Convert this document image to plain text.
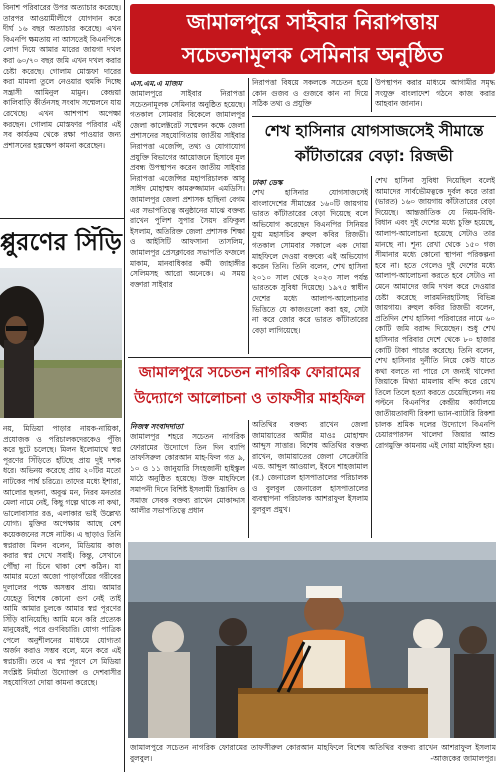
বিনাশ পরিবারের উপর অত্যাচার করেছে। তারপর আওয়ামীলীগে যোগদান করে দীর্ঘ ১৬ বছর অত্যাচার করেছে। এখন বিএনপি ক্ষমতায় না আসতেই বিএনপিকে লোগ দিয়ে আমার মারের জায়গা দখল করা ৬০/৭০ বছর জমি এখন দখল করার চেষ্টা করেছে। গোলাম মোস্তফা দারের করা মামলা তুলে নেওয়ার হুমকি দিচ্ছে সন্ত্রাসী আমিনুল মামুন। কেন্দ্রয়া কালিবাড়ি কীর্তনসহ সংবাদ সম্মেলনে যায় রেখেছে। এখন আশপাশ অপেক্ষা করছেন। গোলাম মোস্তফার পরিবার এই সব কার্যক্রম থেকে রক্ষা পাওয়ার জন্য প্রশাসনের হস্তক্ষেপ কামনা করেছেন।
প্পুরণের সিঁড়ি
নয়, মিডিয়া পাড়ার নায়ক-নায়িকা, প্রযোজক ও পরিচালকদেরকেও পুঁজি করে ছুটে চলেছে। মিলন ইলোমাথে স্বপ্ন পূরণের সিঁড়িতে হাঁটছে প্রায় দুই দশক ধরে। অভিনয় করেছে প্রায় ২০টির মতো নাটকের পার্শ্ব চরিত্রে। তাদের মধ্যে ইশারা, আলোর ছলনা, অবুঝ মন, নিরব মনতার মেলা নামে নেই, কিছু গল্পে থাকে না কথা, ভালোবাসার রঙ, এলাকার ভাই উল্লেখ্য যোগ্য। মুক্তির অপেক্ষায় আছে বেশ কয়েকজনের সঙ্গে নাটক। এ ছাড়াও তিনি স্বপ্নরাজ মিলন বলেন, মিডিয়ায় কাজ করার স্বপ্ন দেখে সবাই। কিন্তু, সেখানে পৌঁছা না চিনে থাকা বেশ কঠিন। যা আমার মতো অজো পাড়াগাঁয়ের গরীবের দুলালের পক্ষে অসম্ভব প্রায়। আমার যেহেতু বিশেষ কোনো গুণ নেই তাই আমি আমার চুলকে আমার স্বপ্ন পূরণের সিঁড়ি বানিয়েছি। আমি মনে করি প্রত্যেক মানুষেরই, পরে গুণবিচারি। যোগ্য পাত্রিক পেলে অনুশীলনের মাধ্যমে যোগ্যতা অর্জন করাও সম্ভব বলে, মনে করে এই স্বপ্নচারী। তবে এ স্বপ্ন পূরণে সে মিডিয়া সংশ্লিষ্ট নির্মাতা উদ্যোক্তা ও দেশবাসীর সহযোগিতা দোয়া কামনা করেছে।
জামালপুরে সাইবার নিরাপত্তায়
সচেতনামূলক সেমিনার অনুষ্ঠিত
এস.এম.এ মাজম
জামালপুরে সাইবার নিরাপত্তা সচেতনামূলক সেমিনার অনুষ্ঠিত হয়েছে। গতকাল সোমবার বিকেলে জামালপুর জেলা কালেক্টরেট সম্মেলন কক্ষে জেলা প্রশাসনের সহযোগিতায় জাতীয় সাইবার নিরাপত্তা এজেন্সি, তথ্য ও যোগাযোগ প্রযুক্তি বিভাগের আয়োজনে হিসাবে মূল প্রবন্ধ উপস্থাপন করেন জাতীয় সাইবার নিরাপত্তা এজেন্সির মহাপরিচালক আবু সাঈদ মোহাম্মদ কামরুজ্জামান এমডিসি। জামালপুর জেলা প্রশাসক হাছিনা বেগম এর সভাপতিত্বে অনুষ্ঠানের মাঝে বক্তব্য রাখেন পুলিশ সুপার সৈয়দ রফিকুল ইসলাম, অতিরিক্ত জেলা প্রশাসক শিক্ষা ও আইসিটি আফসানা তাসলিম, জামালপুর প্রেসক্লাবের সভাপতি ফজলে মাকাম, মানবাধিকার কর্মী জাহাঙ্গীর সেলিমসহ আরো অনেকে। এ সময় বক্তারা সাইবার
নিরাপত্তা বিষয়ে সকলকে সচেতন হয়ে কোন গুজব ও গুজবে কান না দিয়ে সঠিক তথ্য ও প্রযুক্তি
উপস্থাপন করার মাধ্যমে আগামীর সমৃদ্ধ সংযুক্ত বাংলাদেশ গঠনে কাজ করার আহবান জানান।
শেখ হাসিনার যোগসাজসেই সীমান্তে
কাঁটাতারের বেড়া: রিজভী
ঢাকা ডেস্ক
শেখ হাসিনার যোগসাজসেই বাংলাদেশের সীমান্তের ১৬০টি জায়গায় ভারত কাঁটাতারের বেড়া দিয়েছে বলে অভিযোগ করেছেন বিএনপির সিনিয়র যুগ্ম মহাসচিব রুহুল কবির রিজভী। গতকাল সোমবার সকালে এক দোয়া মাহফিলে দেওয়া বক্তব্যে এই অভিযোগ করেন তিনি। তিনি বলেন, শেখ হাসিনা ২০১০ সাল থেকে ২০২৩ সাল পর্যন্ত ভারতকে সুবিধা দিয়েছে। ১৯৭৫ স্বাধীন দেশের মধ্যে আলাপ-আলোচনার ভিত্তিতে যে কাজগুলো করা হয়, সেটা না করে জোর করে ভারত কাঁটাতারের বেড়া লাগিয়েছে।
শেখ হাসিনা সুবিধা দিয়েছিল বলেই আমাদের সার্বভৌমত্বকে দুর্বল করে তারা (ভারত) ১৬০ জায়গায় কাঁটাতারের বেড়া দিয়েছে। আন্তর্জাতিক যে নিয়ম-বিধি-বিধান এবং দুই দেশের মধ্যে চুক্তি হয়েছে, আলাপ-আলোচনা হয়েছে সেটাও তার মানছে না। শূন্য রেখা থেকে ১৫০ গজ সীমানার মধ্যে কোনো স্থাপনা পরিকল্পনা হবে না। হতে গেলেও দুই দেশের মধ্যে আলাপ-আলোচনা করতে হবে সেটাও না মেনে আমাদের জমি দখল করে দেওয়ার চেষ্টা করেছে লারমনিরহাটসহ বিভিন্ন জায়গায়। রুহুল কবির রিজভী বলেন, প্রতিদিন শেখ হাসিনা পরিবারের নামে ৬০ কোটি জমি বরাদ্দ দিয়েছেন। শুধু শেখ হাসিনার পরিবার দেশে থেকে ৮০ হাজার কোটি টাকা পাচার করেছে। তিনি বলেন, শেখ হাসিনার দুর্নীতি নিয়ে কেউ যাতে কথা বলতে না পারে সে জন্যই খালেদা জিয়াকে মিথ্যা মামলায় বন্দি করে রেখে তিলে তিলে হত্যা করতে চেয়েছিলেন। নয় পল্টনে বিএনপির কেন্দ্রীয় কার্যালয়ে জাতীয়তাবাদী রিকশা ভ্যান-ব্যাটারি রিকশা চালক শ্রমিক দলের উদ্যোগে বিএনপি চেয়ারপারসন খালেদা জিয়ার আশু রোগমুক্তি কামনায় এই দোয়া মাহফিল হয়।
জামালপুরে সচেতন নাগরিক ফোরামের
উদ্যোগে আলোচনা ও তাফসীর মাহফিল
নিজস্ব সংবাদদাতা
জামালপুর শহরে সচেতন নাগরিক ফোরামের উদ্যোগে তিন দিন ব্যাপি তাফসিরুল কোরআন মাহ-ফিল গত ৯, ১০ ও ১১ জানুয়ারি সিংহজানী হাইস্কুল মাঠে অনুষ্ঠিত হয়েছে। উক্ত মাহফিলে সমাপনী দিনে বিশিষ্ট ইসলামী চিন্তাবিদ ও সমাজ সেবক বক্তব্য রাখেন মোকাদ্দাস আলীর সভাপতিত্বে প্রধান
অতিথির বক্তব্য রাখেন জেলা জামায়াতের আমীর মাওঃ মোহাম্মদ আব্দুস সাত্তার। বিশেষ অতিথির বক্তব্য রাখেন, জামায়াতের জেলা সেক্রেটারি এড. আব্দুল আওয়াল, ইবনে শাহজামাল (র.) জেনারেল হাসপাতালের পরিচালক ও বুলবুল জেনারেল হাসপাতালের ব্যবস্থাপনা পরিচালক আশরাফুল ইসলাম বুলবুল প্রমুখ।
জামালপুরে সচেতন নাগরিক ফোরামের তাফসীরুল কোরআন মাহফিলে বিশেষ অতিথির বক্তব্য রাখেন আশরাফুল ইসলাম বুলবুল।	-আজকের জামালপুর।
